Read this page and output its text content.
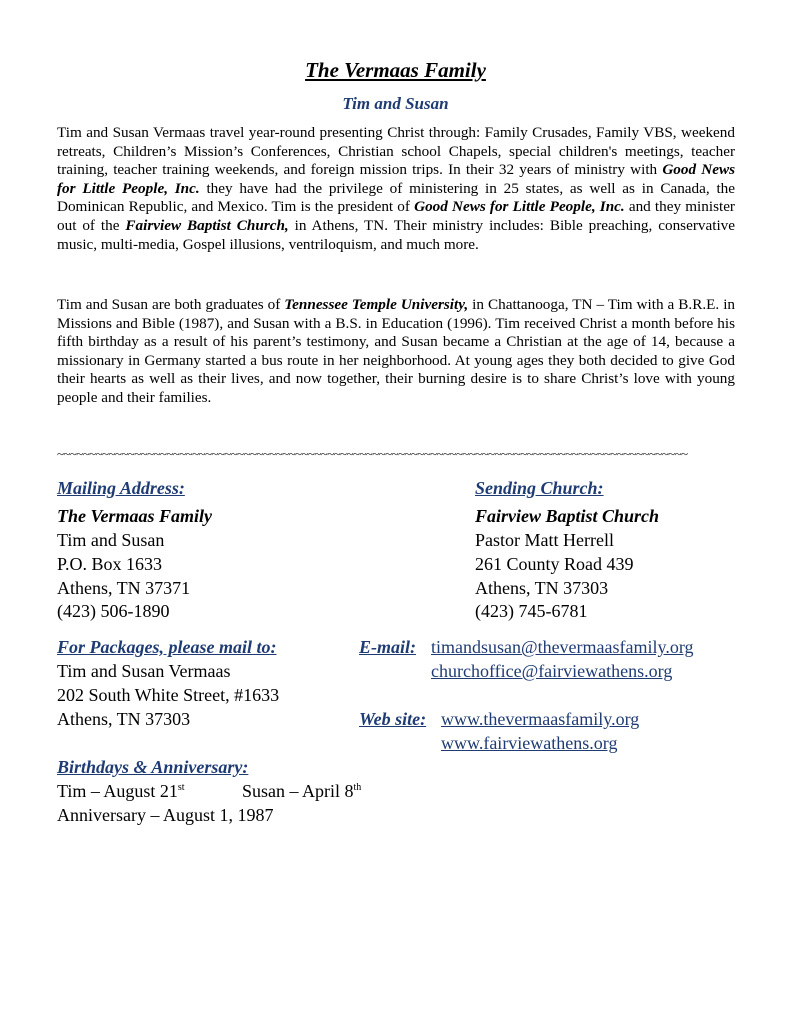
The Vermaas Family
Tim and Susan

Tim and Susan Vermaas travel year-round presenting Christ through: Family Crusades, Family VBS, weekend retreats, Children’s Mission’s Conferences, Christian school Chapels, special children's meetings, teacher training, teacher training weekends, and foreign mission trips. In their 32 years of ministry with Good News for Little People, Inc. they have had the privilege of ministering in 25 states, as well as in Canada, the Dominican Republic, and Mexico. Tim is the president of Good News for Little People, Inc. and they minister out of the Fairview Baptist Church, in Athens, TN. Their ministry includes: Bible preaching, conservative music, multi-media, Gospel illusions, ventriloquism, and much more.

Tim and Susan are both graduates of Tennessee Temple University, in Chattanooga, TN – Tim with a B.R.E. in Missions and Bible (1987), and Susan with a B.S. in Education (1996). Tim received Christ a month before his fifth birthday as a result of his parent’s testimony, and Susan became a Christian at the age of 14, because a missionary in Germany started a bus route in her neighborhood. At young ages they both decided to give God their hearts as well as their lives, and now together, their burning desire is to share Christ’s love with young people and their families.

~~~~~~~~~~~~~~~~~~~~~~~~~~~~~~~~~~~~~~~~~~~~~~~~~~~~~~~~~~~~~~~~~~~~~~~~~~~~~~~~~~~~~~~~~~~~~~~~~~
Mailing Address:
The Vermaas Family
Tim and Susan
P.O. Box 1633
Athens, TN 37371
(423) 506-1890
Sending Church:
Fairview Baptist Church
Pastor Matt Herrell
261 County Road 439
Athens, TN 37303
(423) 745-6781
For Packages, please mail to:
Tim and Susan Vermaas
202 South White Street, #1633
Athens, TN 37303
E-mail: timandsusan@thevermaasfamily.org
churchoffice@fairviewathens.org
Web site: www.thevermaasfamily.org
www.fairviewathens.org
Birthdays & Anniversary:
Tim – August 21st	Susan – April 8th
Anniversary – August 1, 1987
